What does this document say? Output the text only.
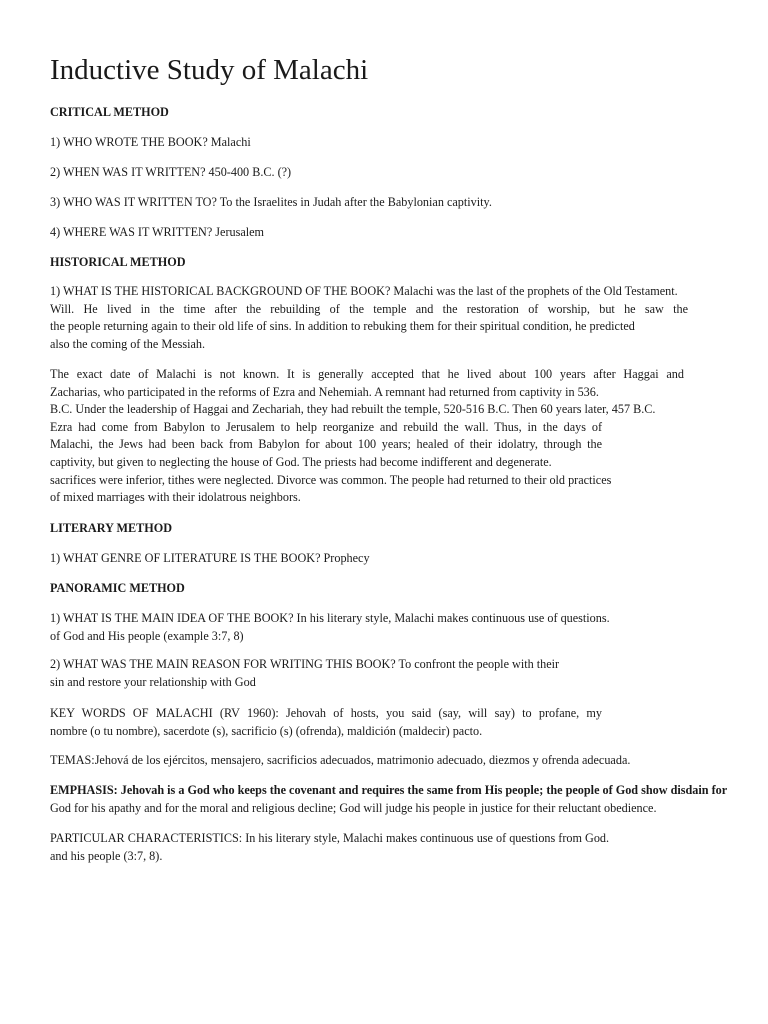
Inductive Study of Malachi

CRITICAL METHOD

1) WHO WROTE THE BOOK? Malachi

2) WHEN WAS IT WRITTEN? 450-400 B.C. (?)

3) WHO WAS IT WRITTEN TO? To the Israelites in Judah after the Babylonian captivity.

4) WHERE WAS IT WRITTEN? Jerusalem

HISTORICAL METHOD

1) WHAT IS THE HISTORICAL BACKGROUND OF THE BOOK? Malachi was the last of the prophets of the Old Testament.
Will. He lived in the time after the rebuilding of the temple and the restoration of worship, but he saw the
the people returning again to their old life of sins. In addition to rebuking them for their spiritual condition, he predicted
also the coming of the Messiah.
The exact date of Malachi is not known. It is generally accepted that he lived about 100 years after Haggai and
Zacharias, who participated in the reforms of Ezra and Nehemiah. A remnant had returned from captivity in 536.
B.C. Under the leadership of Haggai and Zechariah, they had rebuilt the temple, 520-516 B.C. Then 60 years later, 457 B.C.
Ezra had come from Babylon to Jerusalem to help reorganize and rebuild the wall. Thus, in the days of
Malachi, the Jews had been back from Babylon for about 100 years; healed of their idolatry, through the
captivity, but given to neglecting the house of God. The priests had become indifferent and degenerate.
sacrifices were inferior, tithes were neglected. Divorce was common. The people had returned to their old practices
of mixed marriages with their idolatrous neighbors.

LITERARY METHOD

1) WHAT GENRE OF LITERATURE IS THE BOOK? Prophecy

PANORAMIC METHOD

1) WHAT IS THE MAIN IDEA OF THE BOOK? In his literary style, Malachi makes continuous use of questions.
of God and His people (example 3:7, 8)
2) WHAT WAS THE MAIN REASON FOR WRITING THIS BOOK? To confront the people with their
sin and restore your relationship with God
KEY WORDS OF MALACHI (RV 1960): Jehovah of hosts, you said (say, will say) to profane, my
nombre (o tu nombre), sacerdote (s), sacrificio (s) (ofrenda), maldición (maldecir) pacto.

TEMAS:Jehová de los ejércitos, mensajero, sacrificios adecuados, matrimonio adecuado, diezmos y ofrenda adecuada.

EMPHASIS: Jehovah is a God who keeps the covenant and requires the same from His people; the people of God show disdain for
God for his apathy and for the moral and religious decline; God will judge his people in justice for their reluctant obedience.
PARTICULAR CHARACTERISTICS: In his literary style, Malachi makes continuous use of questions from God.
and his people (3:7, 8).
